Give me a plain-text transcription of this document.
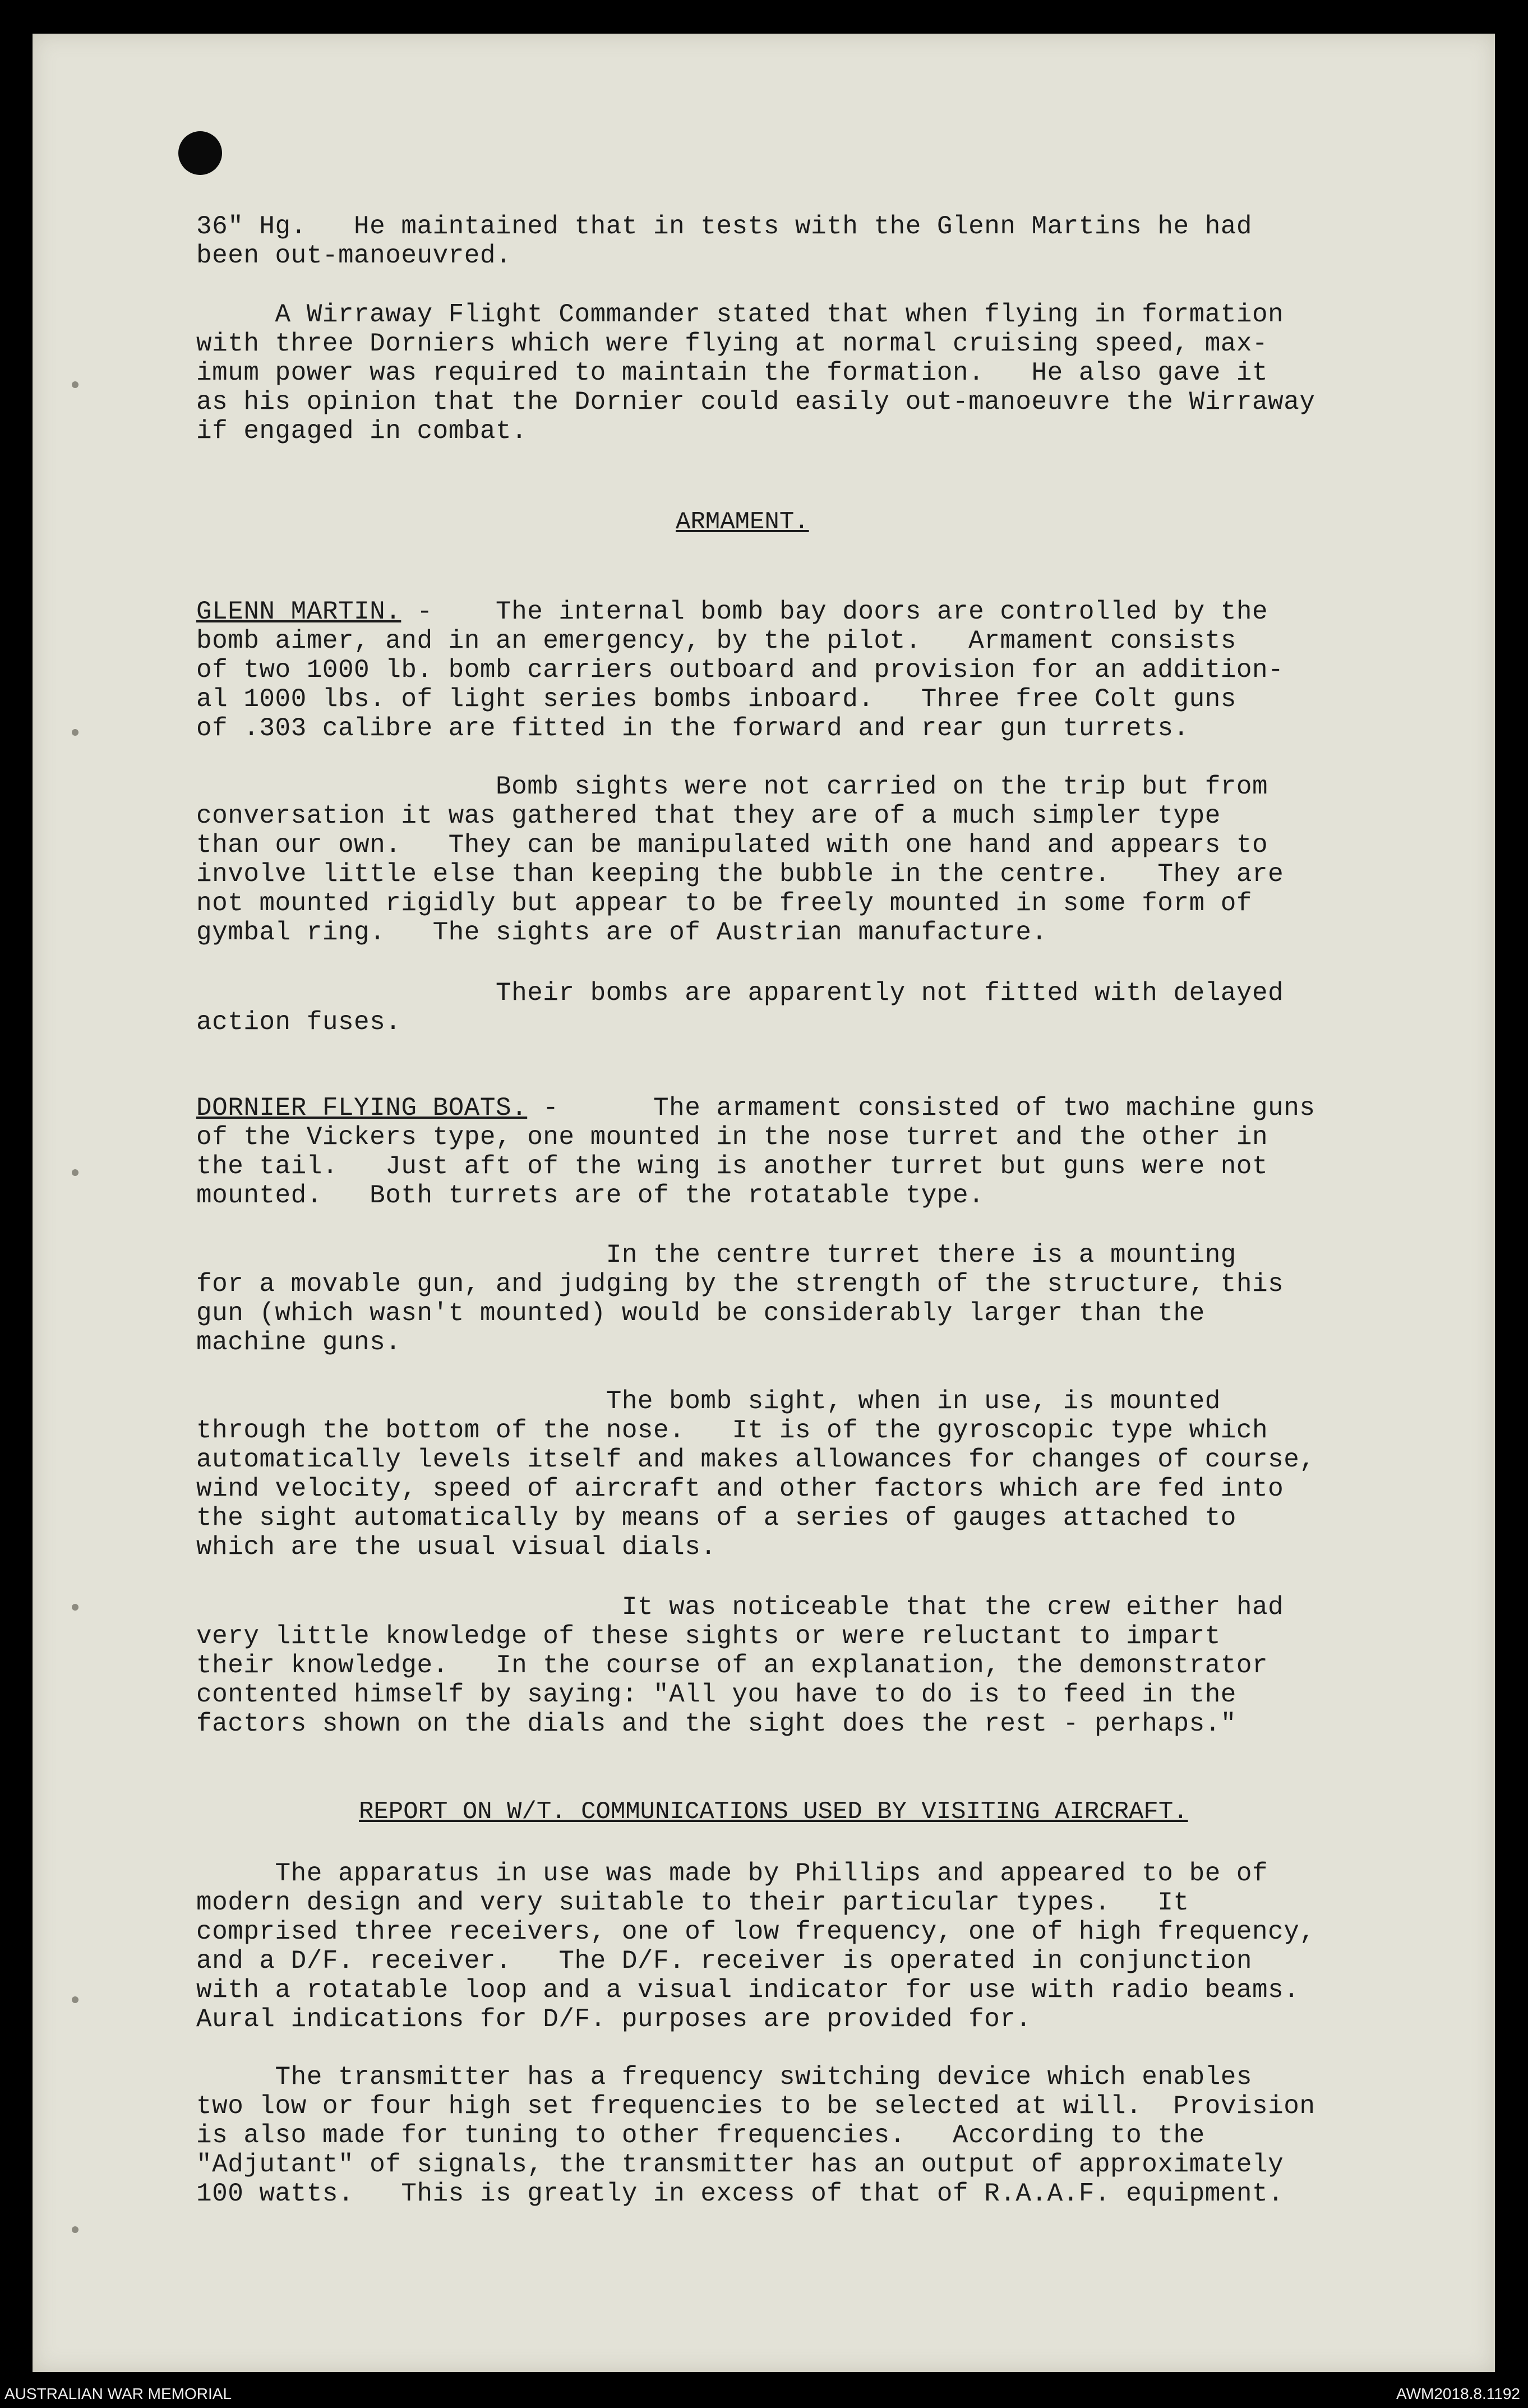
36" Hg.   He maintained that in tests with the Glenn Martins he had
been out-manoeuvred.
A Wirraway Flight Commander stated that when flying in formation
with three Dorniers which were flying at normal cruising speed, max-
imum power was required to maintain the formation.   He also gave it
as his opinion that the Dornier could easily out-manoeuvre the Wirraway
if engaged in combat.
ARMAMENT.
GLENN MARTIN. -    The internal bomb bay doors are controlled by the
bomb aimer, and in an emergency, by the pilot.   Armament consists
of two 1000 lb. bomb carriers outboard and provision for an addition-
al 1000 lbs. of light series bombs inboard.   Three free Colt guns
of .303 calibre are fitted in the forward and rear gun turrets.
Bomb sights were not carried on the trip but from
conversation it was gathered that they are of a much simpler type
than our own.   They can be manipulated with one hand and appears to
involve little else than keeping the bubble in the centre.   They are
not mounted rigidly but appear to be freely mounted in some form of
gymbal ring.   The sights are of Austrian manufacture.
Their bombs are apparently not fitted with delayed
action fuses.
DORNIER FLYING BOATS. -      The armament consisted of two machine guns
of the Vickers type, one mounted in the nose turret and the other in
the tail.   Just aft of the wing is another turret but guns were not
mounted.   Both turrets are of the rotatable type.
In the centre turret there is a mounting
for a movable gun, and judging by the strength of the structure, this
gun (which wasn't mounted) would be considerably larger than the
machine guns.
The bomb sight, when in use, is mounted
through the bottom of the nose.   It is of the gyroscopic type which
automatically levels itself and makes allowances for changes of course,
wind velocity, speed of aircraft and other factors which are fed into
the sight automatically by means of a series of gauges attached to
which are the usual visual dials.
It was noticeable that the crew either had
very little knowledge of these sights or were reluctant to impart
their knowledge.   In the course of an explanation, the demonstrator
contented himself by saying: "All you have to do is to feed in the
factors shown on the dials and the sight does the rest - perhaps."
REPORT ON W/T. COMMUNICATIONS USED BY VISITING AIRCRAFT.
The apparatus in use was made by Phillips and appeared to be of
modern design and very suitable to their particular types.   It
comprised three receivers, one of low frequency, one of high frequency,
and a D/F. receiver.   The D/F. receiver is operated in conjunction
with a rotatable loop and a visual indicator for use with radio beams.
Aural indications for D/F. purposes are provided for.
The transmitter has a frequency switching device which enables
two low or four high set frequencies to be selected at will.  Provision
is also made for tuning to other frequencies.   According to the
"Adjutant" of signals, the transmitter has an output of approximately
100 watts.   This is greatly in excess of that of R.A.A.F. equipment.
AUSTRALIAN WAR MEMORIAL	AWM2018.8.1192
